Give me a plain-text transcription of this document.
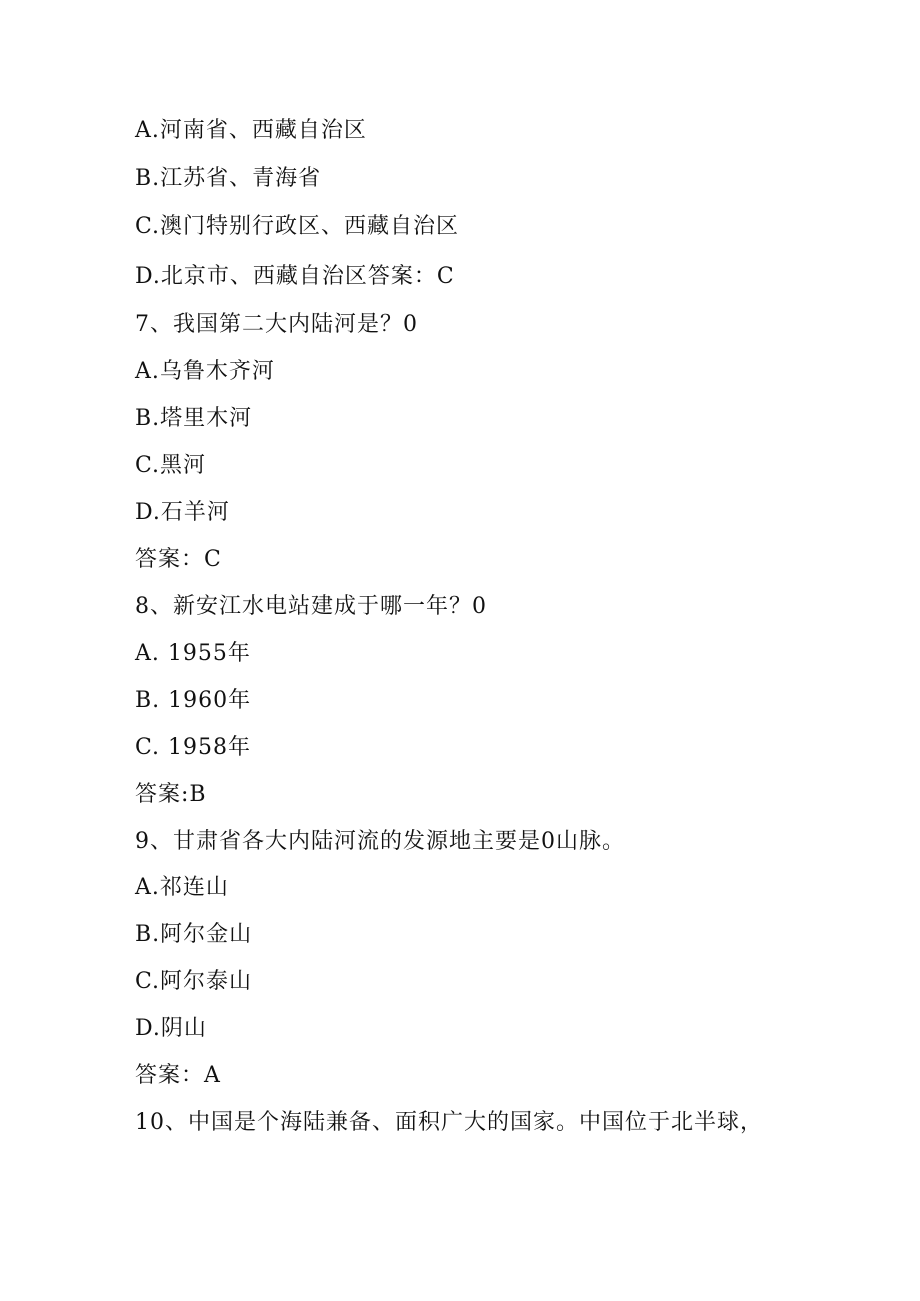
A.河南省、西藏自治区
B.江苏省、青海省
C.澳门特别行政区、西藏自治区
D.北京市、西藏自治区答案：C
7、我国第二大内陆河是？0
A.乌鲁木齐河
B.塔里木河
C.黑河
D.石羊河
答案：C
8、新安江水电站建成于哪一年？0
A. 1955年
B. 1960年
C. 1958年
答案:B
9、甘肃省各大内陆河流的发源地主要是0山脉。
A.祁连山
B.阿尔金山
C.阿尔泰山
D.阴山
答案：A
10、中国是个海陆兼备、面积广大的国家。中国位于北半球，
